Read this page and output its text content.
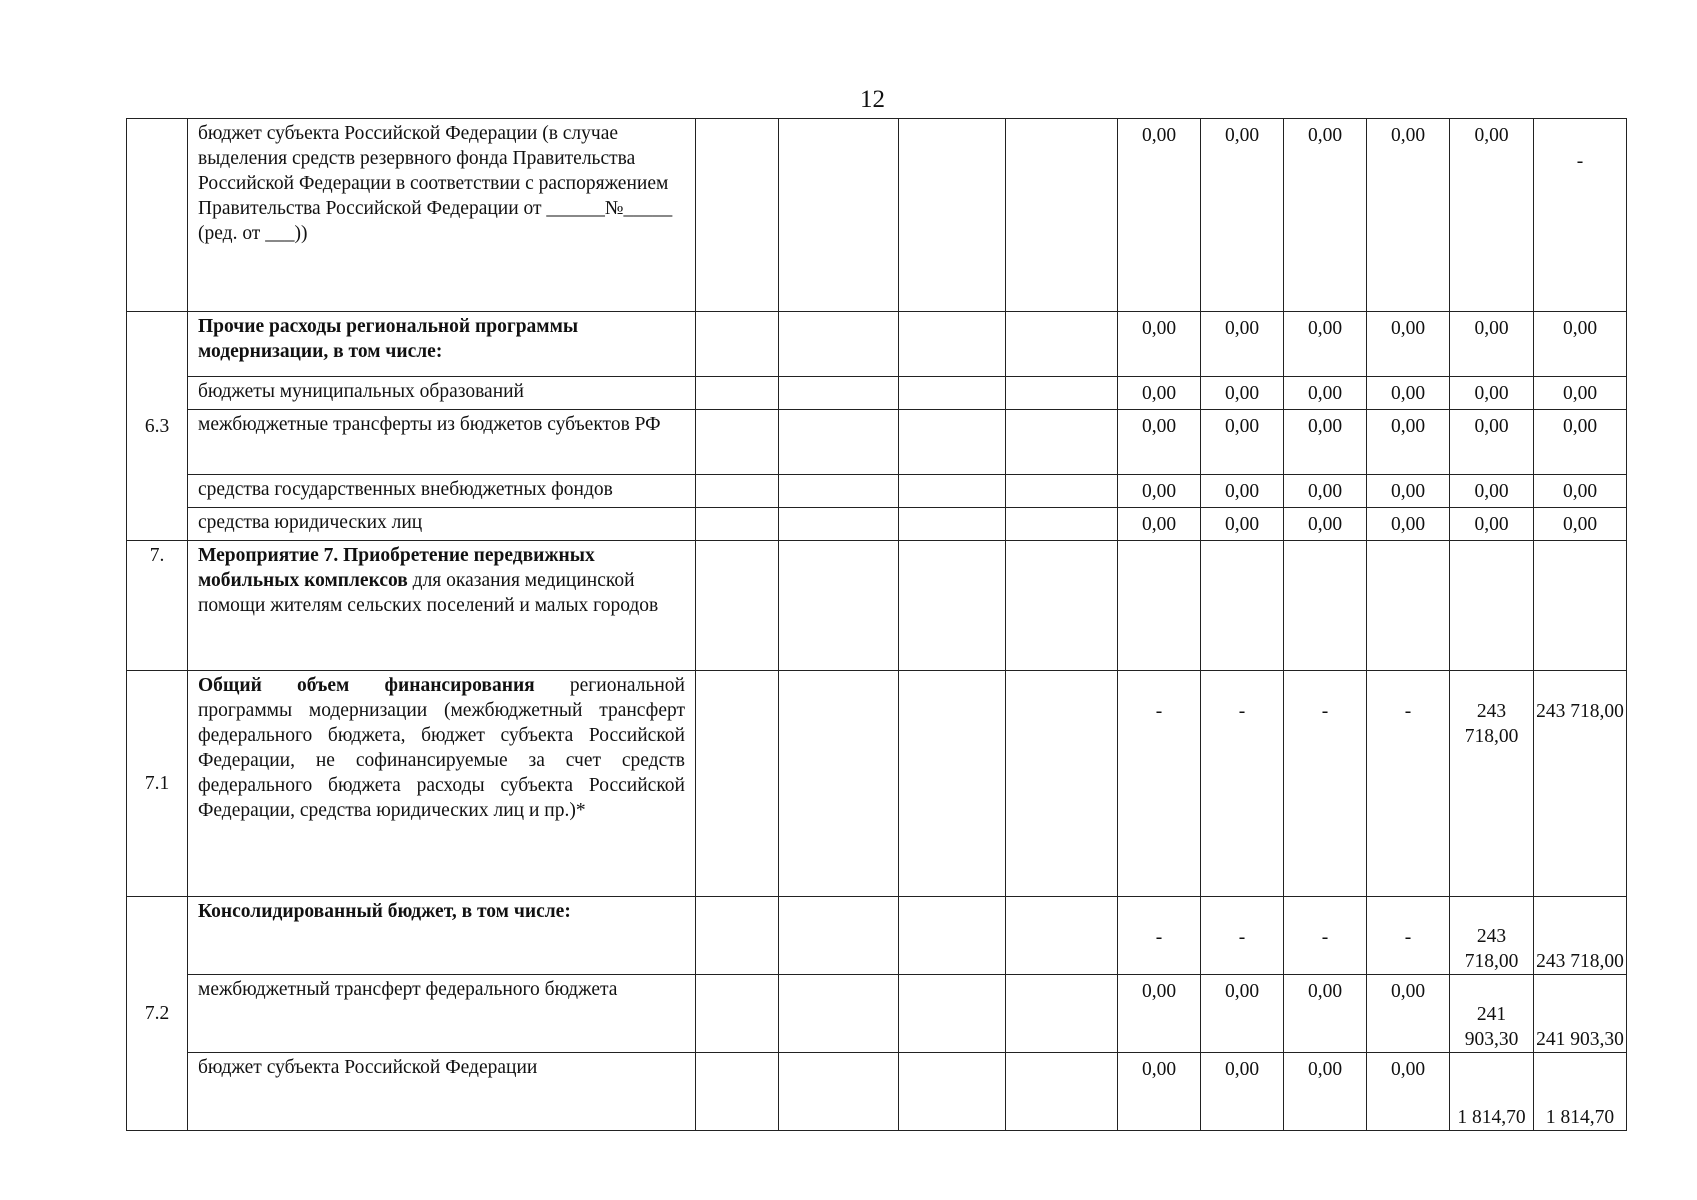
12
	бюджет субъекта Российской Федерации (в случае выделения средств резервного фонда Правительства Российской Федерации в соответствии с распоряжением Правительства Российской Федерации от ______№_____ (ред. от ___))					0,00	0,00	0,00	0,00	0,00	-
6.3	Прочие расходы региональной программы модернизации, в том числе:					0,00	0,00	0,00	0,00	0,00	0,00
	бюджеты муниципальных образований					0,00	0,00	0,00	0,00	0,00	0,00
	межбюджетные трансферты из бюджетов субъектов РФ					0,00	0,00	0,00	0,00	0,00	0,00
	средства государственных внебюджетных фондов					0,00	0,00	0,00	0,00	0,00	0,00
	средства юридических лиц					0,00	0,00	0,00	0,00	0,00	0,00
7.	Мероприятие 7. Приобретение передвижных мобильных комплексов для оказания медицинской помощи жителям сельских поселений и малых городов										
7.1	Общий объем финансирования региональной программы модернизации (межбюджетный трансферт федерального бюджета, бюджет субъекта Российской Федерации, не софинансируемые за счет средств федерального бюджета расходы субъекта Российской Федерации, средства юридических лиц и пр.)*					-	-	-	-	243 718,00	243 718,00
7.2	Консолидированный бюджет, в том числе:					-	-	-	-	243 718,00	243 718,00
	межбюджетный трансферт федерального бюджета					0,00	0,00	0,00	0,00	241 903,30	241 903,30
	бюджет субъекта Российской Федерации					0,00	0,00	0,00	0,00	1 814,70	1 814,70
